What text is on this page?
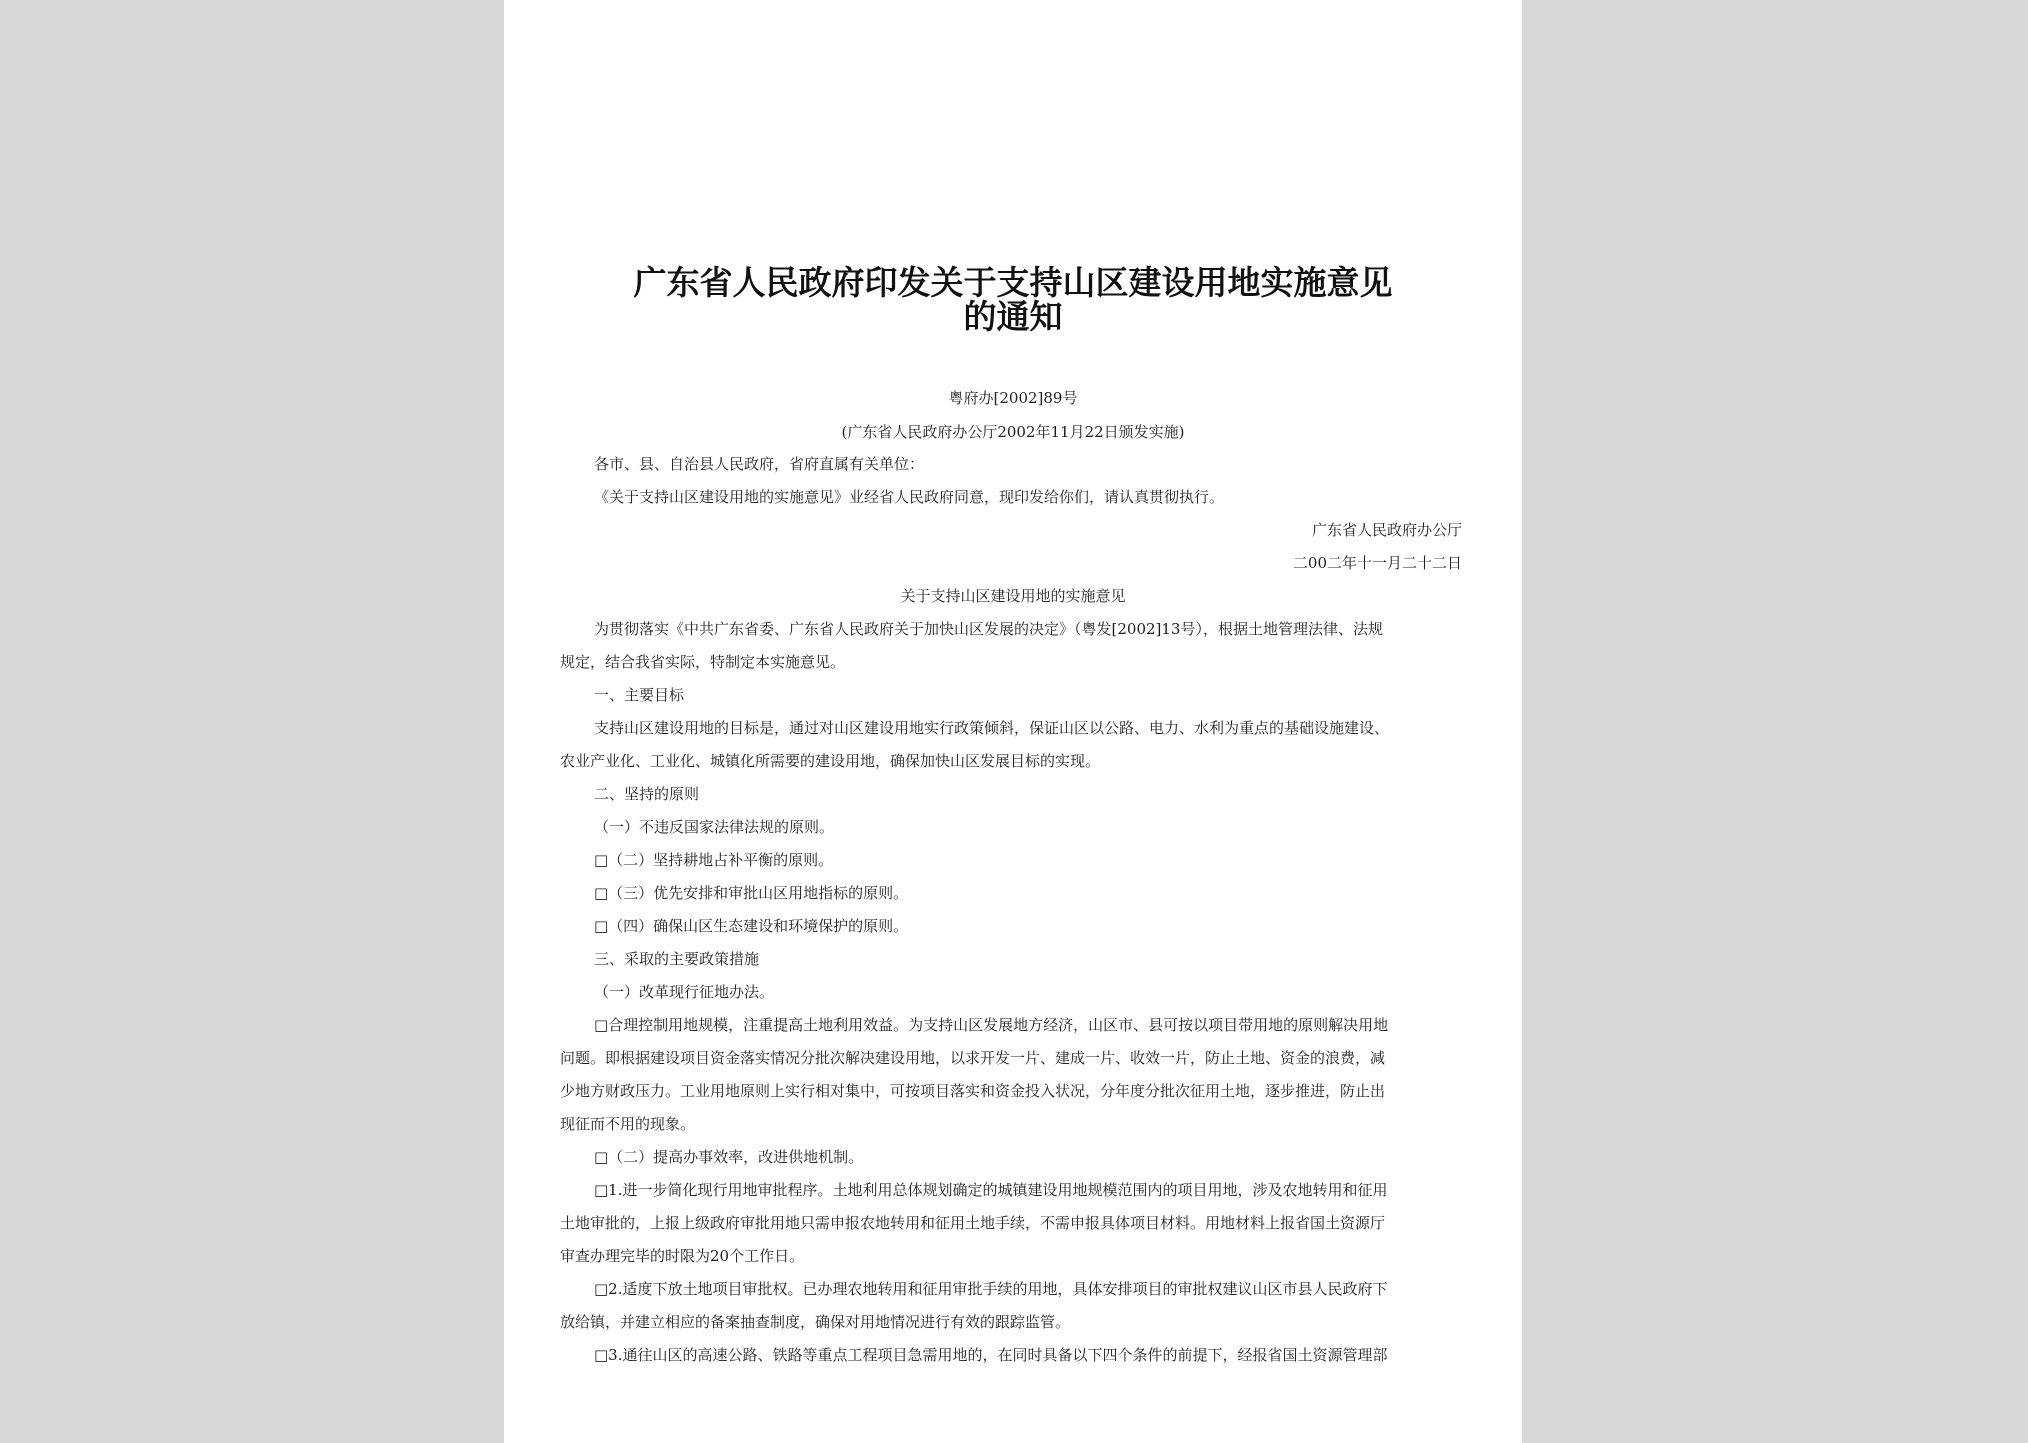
广东省人民政府印发关于支持山区建设用地实施意见
的通知

粤府办[2002]89号

(广东省人民政府办公厅2002年11月22日颁发实施)

各市、县、自治县人民政府，省府直属有关单位：

《关于支持山区建设用地的实施意见》业经省人民政府同意，现印发给你们，请认真贯彻执行。

广东省人民政府办公厅

二00二年十一月二十二日

关于支持山区建设用地的实施意见

为贯彻落实《中共广东省委、广东省人民政府关于加快山区发展的决定》（粤发[2002]13号），根据土地管理法律、法规

规定，结合我省实际，特制定本实施意见。

一、主要目标

支持山区建设用地的目标是，通过对山区建设用地实行政策倾斜，保证山区以公路、电力、水利为重点的基础设施建设、

农业产业化、工业化、城镇化所需要的建设用地，确保加快山区发展目标的实现。

二、坚持的原则

（一）不违反国家法律法规的原则。

□（二）坚持耕地占补平衡的原则。

□（三）优先安排和审批山区用地指标的原则。

□（四）确保山区生态建设和环境保护的原则。

三、采取的主要政策措施

（一）改革现行征地办法。

□合理控制用地规模，注重提高土地利用效益。为支持山区发展地方经济，山区市、县可按以项目带用地的原则解决用地

问题。即根据建设项目资金落实情况分批次解决建设用地，以求开发一片、建成一片、收效一片，防止土地、资金的浪费，减

少地方财政压力。工业用地原则上实行相对集中，可按项目落实和资金投入状况，分年度分批次征用土地，逐步推进，防止出

现征而不用的现象。

□（二）提高办事效率，改进供地机制。

□1.进一步简化现行用地审批程序。土地利用总体规划确定的城镇建设用地规模范围内的项目用地，涉及农地转用和征用

土地审批的，上报上级政府审批用地只需申报农地转用和征用土地手续，不需申报具体项目材料。用地材料上报省国土资源厅

审查办理完毕的时限为20个工作日。

□2.适度下放土地项目审批权。已办理农地转用和征用审批手续的用地，具体安排项目的审批权建议山区市县人民政府下

放给镇，并建立相应的备案抽查制度，确保对用地情况进行有效的跟踪监管。

□3.通往山区的高速公路、铁路等重点工程项目急需用地的，在同时具备以下四个条件的前提下，经报省国土资源管理部
